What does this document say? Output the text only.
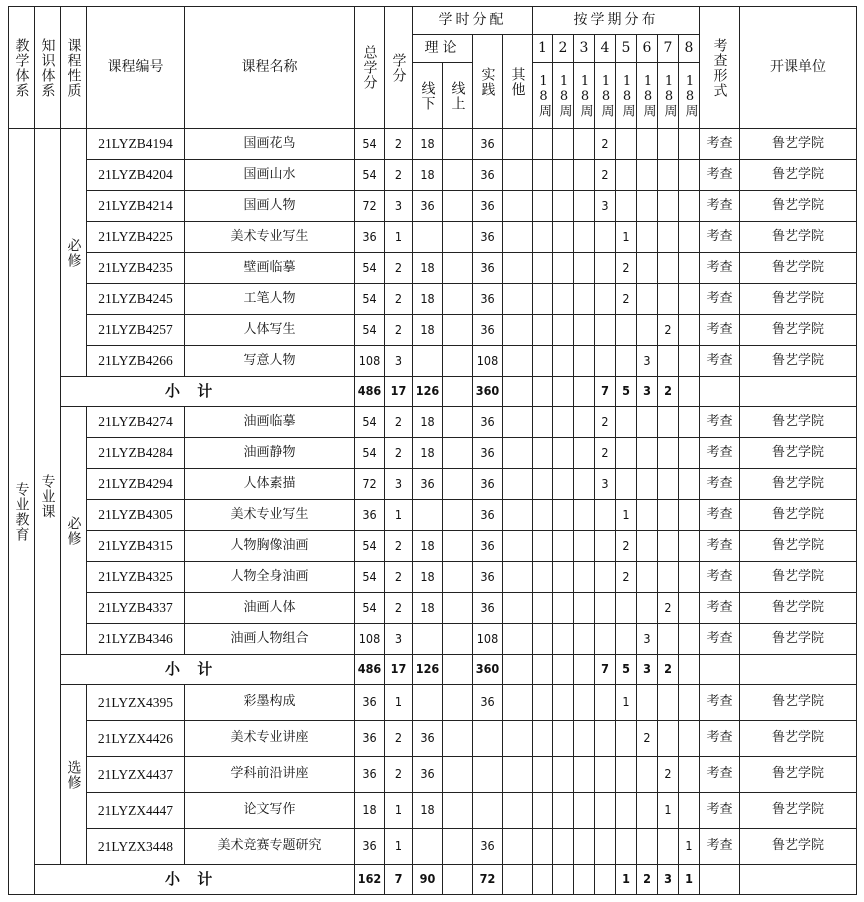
教学体系	知识体系	课程性质	课程编号	课程名称	总学分	学分	学时分配				按学期分布								考查形式	开课单位
							理论		实践	其他	1	2	3	4	5	6	7	8		
							线下	线上			18周	18周	18周	18周	18周	18周	18周	18周		
专业教育	专业课	必修	21LYZB4194	国画花鸟	54	2	18		36					2					考查	鲁艺学院
			21LYZB4204	国画山水	54	2	18		36					2					考查	鲁艺学院
			21LYZB4214	国画人物	72	3	36		36					3					考查	鲁艺学院
			21LYZB4225	美术专业写生	36	1			36						1				考查	鲁艺学院
			21LYZB4235	壁画临摹	54	2	18		36						2				考查	鲁艺学院
			21LYZB4245	工笔人物	54	2	18		36						2				考查	鲁艺学院
			21LYZB4257	人体写生	54	2	18		36								2		考查	鲁艺学院
			21LYZB4266	写意人物	108	3			108							3			考查	鲁艺学院
		小 计			486	17	126		360					7	5	3	2			
		必修	21LYZB4274	油画临摹	54	2	18		36					2					考查	鲁艺学院
			21LYZB4284	油画静物	54	2	18		36					2					考查	鲁艺学院
			21LYZB4294	人体素描	72	3	36		36					3					考查	鲁艺学院
			21LYZB4305	美术专业写生	36	1			36						1				考查	鲁艺学院
			21LYZB4315	人物胸像油画	54	2	18		36						2				考查	鲁艺学院
			21LYZB4325	人物全身油画	54	2	18		36						2				考查	鲁艺学院
			21LYZB4337	油画人体	54	2	18		36								2		考查	鲁艺学院
			21LYZB4346	油画人物组合	108	3			108							3			考查	鲁艺学院
		小 计			486	17	126		360					7	5	3	2			
		选修	21LYZX4395	彩墨构成	36	1			36						1				考查	鲁艺学院
			21LYZX4426	美术专业讲座	36	2	36									2			考查	鲁艺学院
			21LYZX4437	学科前沿讲座	36	2	36										2		考查	鲁艺学院
			21LYZX4447	论文写作	18	1	18										1		考查	鲁艺学院
			21LYZX3448	美术竞赛专题研究	36	1			36									1	考查	鲁艺学院
	小 计				162	7	90		72						1	2	3	1		
